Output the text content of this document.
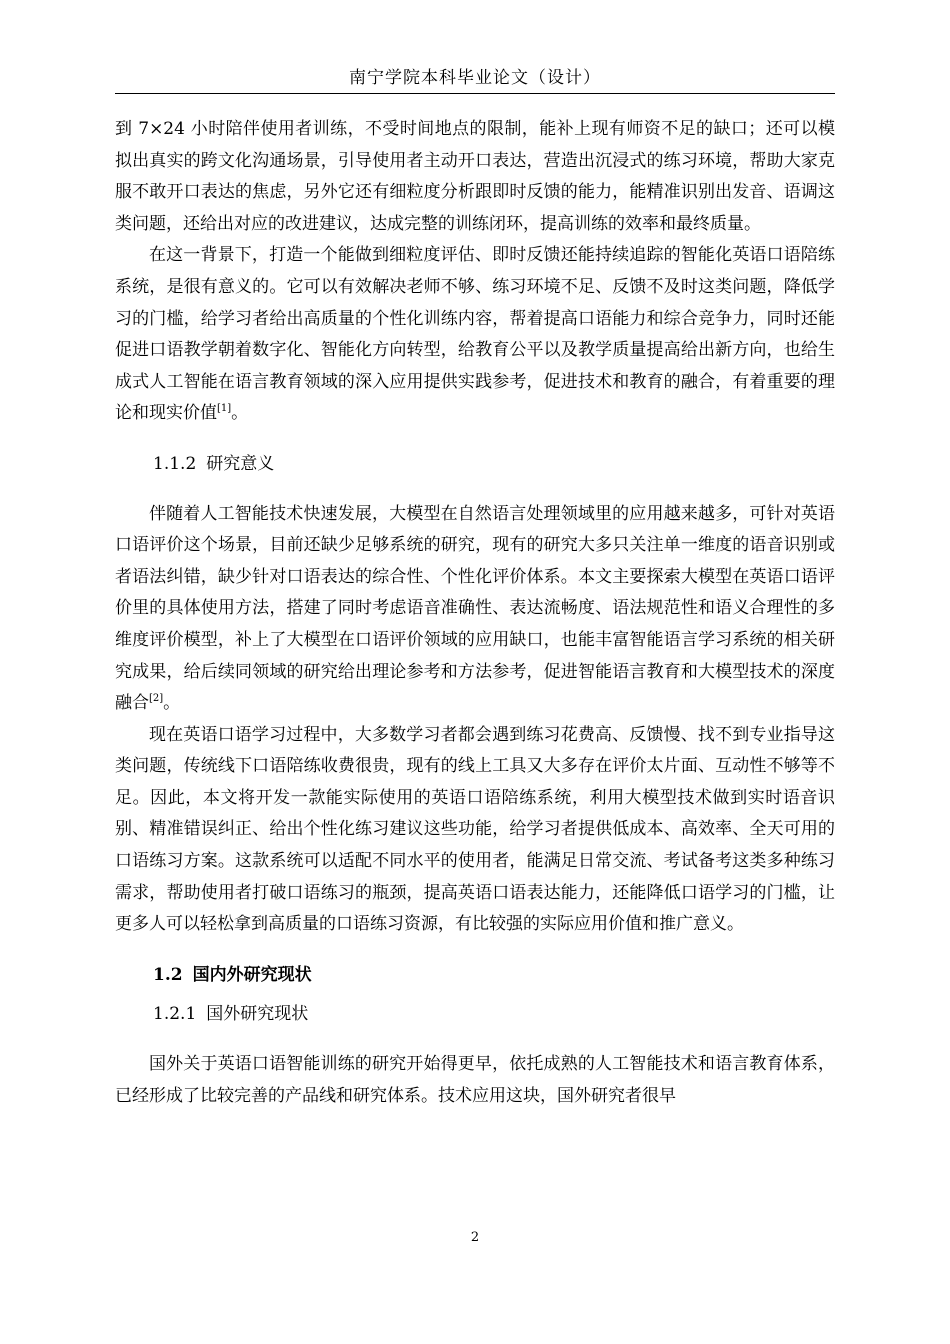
南宁学院本科毕业论文（设计）

到 7×24 小时陪伴使用者训练，不受时间地点的限制，能补上现有师资不足的缺口；还可以模拟出真实的跨文化沟通场景，引导使用者主动开口表达，营造出沉浸式的练习环境，帮助大家克服不敢开口表达的焦虑，另外它还有细粒度分析跟即时反馈的能力，能精准识别出发音、语调这类问题，还给出对应的改进建议，达成完整的训练闭环，提高训练的效率和最终质量。

在这一背景下，打造一个能做到细粒度评估、即时反馈还能持续追踪的智能化英语口语陪练系统，是很有意义的。它可以有效解决老师不够、练习环境不足、反馈不及时这类问题，降低学习的门槛，给学习者给出高质量的个性化训练内容，帮着提高口语能力和综合竞争力，同时还能促进口语教学朝着数字化、智能化方向转型，给教育公平以及教学质量提高给出新方向，也给生成式人工智能在语言教育领域的深入应用提供实践参考，促进技术和教育的融合，有着重要的理论和现实价值[1]。

1.1.2 研究意义

伴随着人工智能技术快速发展，大模型在自然语言处理领域里的应用越来越多，可针对英语口语评价这个场景，目前还缺少足够系统的研究，现有的研究大多只关注单一维度的语音识别或者语法纠错，缺少针对口语表达的综合性、个性化评价体系。本文主要探索大模型在英语口语评价里的具体使用方法，搭建了同时考虑语音准确性、表达流畅度、语法规范性和语义合理性的多维度评价模型，补上了大模型在口语评价领域的应用缺口，也能丰富智能语言学习系统的相关研究成果，给后续同领域的研究给出理论参考和方法参考，促进智能语言教育和大模型技术的深度融合[2]。

现在英语口语学习过程中，大多数学习者都会遇到练习花费高、反馈慢、找不到专业指导这类问题，传统线下口语陪练收费很贵，现有的线上工具又大多存在评价太片面、互动性不够等不足。因此，本文将开发一款能实际使用的英语口语陪练系统，利用大模型技术做到实时语音识别、精准错误纠正、给出个性化练习建议这些功能，给学习者提供低成本、高效率、全天可用的口语练习方案。这款系统可以适配不同水平的使用者，能满足日常交流、考试备考这类多种练习需求，帮助使用者打破口语练习的瓶颈，提高英语口语表达能力，还能降低口语学习的门槛，让更多人可以轻松拿到高质量的口语练习资源，有比较强的实际应用价值和推广意义。

1.2 国内外研究现状
1.2.1 国外研究现状

国外关于英语口语智能训练的研究开始得更早，依托成熟的人工智能技术和语言教育体系，已经形成了比较完善的产品线和研究体系。技术应用这块，国外研究者很早

2
